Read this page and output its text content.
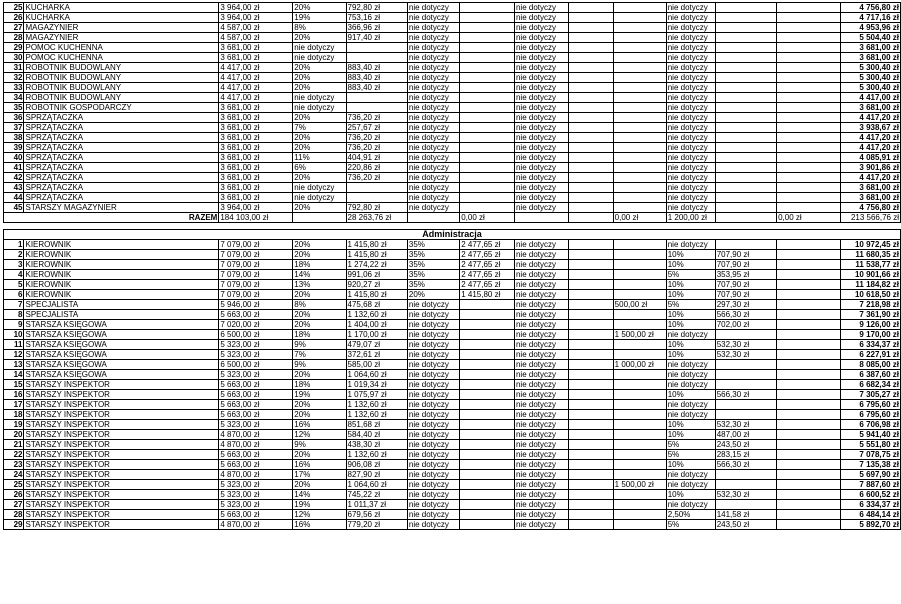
25	KUCHARKA	3 964,00 zł	20%	792,80 zł	nie dotyczy		nie dotyczy			nie dotyczy			4 756,80 zł
26	KUCHARKA	3 964,00 zł	19%	753,16 zł	nie dotyczy		nie dotyczy			nie dotyczy			4 717,16 zł
27	MAGAZYNIER	4 587,00 zł	8%	366,96 zł	nie dotyczy		nie dotyczy			nie dotyczy			4 953,96 zł
28	MAGAZYNIER	4 587,00 zł	20%	917,40 zł	nie dotyczy		nie dotyczy			nie dotyczy			5 504,40 zł
29	POMOC KUCHENNA	3 681,00 zł	nie dotyczy		nie dotyczy		nie dotyczy			nie dotyczy			3 681,00 zł
30	POMOC KUCHENNA	3 681,00 zł	nie dotyczy		nie dotyczy		nie dotyczy			nie dotyczy			3 681,00 zł
31	ROBOTNIK BUDOWLANY	4 417,00 zł	20%	883,40 zł	nie dotyczy		nie dotyczy			nie dotyczy			5 300,40 zł
32	ROBOTNIK BUDOWLANY	4 417,00 zł	20%	883,40 zł	nie dotyczy		nie dotyczy			nie dotyczy			5 300,40 zł
33	ROBOTNIK BUDOWLANY	4 417,00 zł	20%	883,40 zł	nie dotyczy		nie dotyczy			nie dotyczy			5 300,40 zł
34	ROBOTNIK BUDOWLANY	4 417,00 zł	nie dotyczy		nie dotyczy		nie dotyczy			nie dotyczy			4 417,00 zł
35	ROBOTNIK GOSPODARCZY	3 681,00 zł	nie dotyczy		nie dotyczy		nie dotyczy			nie dotyczy			3 681,00 zł
36	SPRZĄTACZKA	3 681,00 zł	20%	736,20 zł	nie dotyczy		nie dotyczy			nie dotyczy			4 417,20 zł
37	SPRZĄTACZKA	3 681,00 zł	7%	257,67 zł	nie dotyczy		nie dotyczy			nie dotyczy			3 938,67 zł
38	SPRZĄTACZKA	3 681,00 zł	20%	736,20 zł	nie dotyczy		nie dotyczy			nie dotyczy			4 417,20 zł
39	SPRZĄTACZKA	3 681,00 zł	20%	736,20 zł	nie dotyczy		nie dotyczy			nie dotyczy			4 417,20 zł
40	SPRZĄTACZKA	3 681,00 zł	11%	404,91 zł	nie dotyczy		nie dotyczy			nie dotyczy			4 085,91 zł
41	SPRZĄTACZKA	3 681,00 zł	6%	220,86 zł	nie dotyczy		nie dotyczy			nie dotyczy			3 901,86 zł
42	SPRZĄTACZKA	3 681,00 zł	20%	736,20 zł	nie dotyczy		nie dotyczy			nie dotyczy			4 417,20 zł
43	SPRZĄTACZKA	3 681,00 zł	nie dotyczy		nie dotyczy		nie dotyczy			nie dotyczy			3 681,00 zł
44	SPRZĄTACZKA	3 681,00 zł	nie dotyczy		nie dotyczy		nie dotyczy			nie dotyczy			3 681,00 zł
45	STARSZY MAGAZYNIER	3 964,00 zł	20%	792,80 zł	nie dotyczy		nie dotyczy			nie dotyczy			4 756,80 zł
RAZEM		184 103,00 zł		28 263,76 zł		0,00 zł			0,00 zł	1 200,00 zł		0,00 zł	213 566,76 zł

Administracja													
1	KIEROWNIK	7 079,00 zł	20%	1 415,80 zł	35%	2 477,65 zł	nie dotyczy			nie dotyczy			10 972,45 zł
2	KIEROWNIK	7 079,00 zł	20%	1 415,80 zł	35%	2 477,65 zł	nie dotyczy			10%	707,90 zł		11 680,35 zł
3	KIEROWNIK	7 079,00 zł	18%	1 274,22 zł	35%	2 477,65 zł	nie dotyczy			10%	707,90 zł		11 538,77 zł
4	KIEROWNIK	7 079,00 zł	14%	991,06 zł	35%	2 477,65 zł	nie dotyczy			5%	353,95 zł		10 901,66 zł
5	KIEROWNIK	7 079,00 zł	13%	920,27 zł	35%	2 477,65 zł	nie dotyczy			10%	707,90 zł		11 184,82 zł
6	KIEROWNIK	7 079,00 zł	20%	1 415,80 zł	20%	1 415,80 zł	nie dotyczy			10%	707,90 zł		10 618,50 zł
7	SPECJALISTA	5 946,00 zł	8%	475,68 zł	nie dotyczy		nie dotyczy		500,00 zł	5%	297,30 zł		7 218,98 zł
8	SPECJALISTA	5 663,00 zł	20%	1 132,60 zł	nie dotyczy		nie dotyczy			10%	566,30 zł		7 361,90 zł
9	STARSZA KSIĘGOWA	7 020,00 zł	20%	1 404,00 zł	nie dotyczy		nie dotyczy			10%	702,00 zł		9 126,00 zł
10	STARSZA KSIĘGOWA	6 500,00 zł	18%	1 170,00 zł	nie dotyczy		nie dotyczy		1 500,00 zł	nie dotyczy			9 170,00 zł
11	STARSZA KSIĘGOWA	5 323,00 zł	9%	479,07 zł	nie dotyczy		nie dotyczy			10%	532,30 zł		6 334,37 zł
12	STARSZA KSIĘGOWA	5 323,00 zł	7%	372,61 zł	nie dotyczy		nie dotyczy			10%	532,30 zł		6 227,91 zł
13	STARSZA KSIĘGOWA	6 500,00 zł	9%	585,00 zł	nie dotyczy		nie dotyczy		1 000,00 zł	nie dotyczy			8 085,00 zł
14	STARSZA KSIĘGOWA	5 323,00 zł	20%	1 064,60 zł	nie dotyczy		nie dotyczy			nie dotyczy			6 387,60 zł
15	STARSZY INSPEKTOR	5 663,00 zł	18%	1 019,34 zł	nie dotyczy		nie dotyczy			nie dotyczy			6 682,34 zł
16	STARSZY INSPEKTOR	5 663,00 zł	19%	1 075,97 zł	nie dotyczy		nie dotyczy			10%	566,30 zł		7 305,27 zł
17	STARSZY INSPEKTOR	5 663,00 zł	20%	1 132,60 zł	nie dotyczy		nie dotyczy			nie dotyczy			6 795,60 zł
18	STARSZY INSPEKTOR	5 663,00 zł	20%	1 132,60 zł	nie dotyczy		nie dotyczy			nie dotyczy			6 795,60 zł
19	STARSZY INSPEKTOR	5 323,00 zł	16%	851,68 zł	nie dotyczy		nie dotyczy			10%	532,30 zł		6 706,98 zł
20	STARSZY INSPEKTOR	4 870,00 zł	12%	584,40 zł	nie dotyczy		nie dotyczy			10%	487,00 zł		5 941,40 zł
21	STARSZY INSPEKTOR	4 870,00 zł	9%	438,30 zł	nie dotyczy		nie dotyczy			5%	243,50 zł		5 551,80 zł
22	STARSZY INSPEKTOR	5 663,00 zł	20%	1 132,60 zł	nie dotyczy		nie dotyczy			5%	283,15 zł		7 078,75 zł
23	STARSZY INSPEKTOR	5 663,00 zł	16%	906,08 zł	nie dotyczy		nie dotyczy			10%	566,30 zł		7 135,38 zł
24	STARSZY INSPEKTOR	4 870,00 zł	17%	827,90 zł	nie dotyczy		nie dotyczy			nie dotyczy			5 697,90 zł
25	STARSZY INSPEKTOR	5 323,00 zł	20%	1 064,60 zł	nie dotyczy		nie dotyczy		1 500,00 zł	nie dotyczy			7 887,60 zł
26	STARSZY INSPEKTOR	5 323,00 zł	14%	745,22 zł	nie dotyczy		nie dotyczy			10%	532,30 zł		6 600,52 zł
27	STARSZY INSPEKTOR	5 323,00 zł	19%	1 011,37 zł	nie dotyczy		nie dotyczy			nie dotyczy			6 334,37 zł
28	STARSZY INSPEKTOR	5 663,00 zł	12%	679,56 zł	nie dotyczy		nie dotyczy			2,50%	141,58 zł		6 484,14 zł
29	STARSZY INSPEKTOR	4 870,00 zł	16%	779,20 zł	nie dotyczy		nie dotyczy			5%	243,50 zł		5 892,70 zł
